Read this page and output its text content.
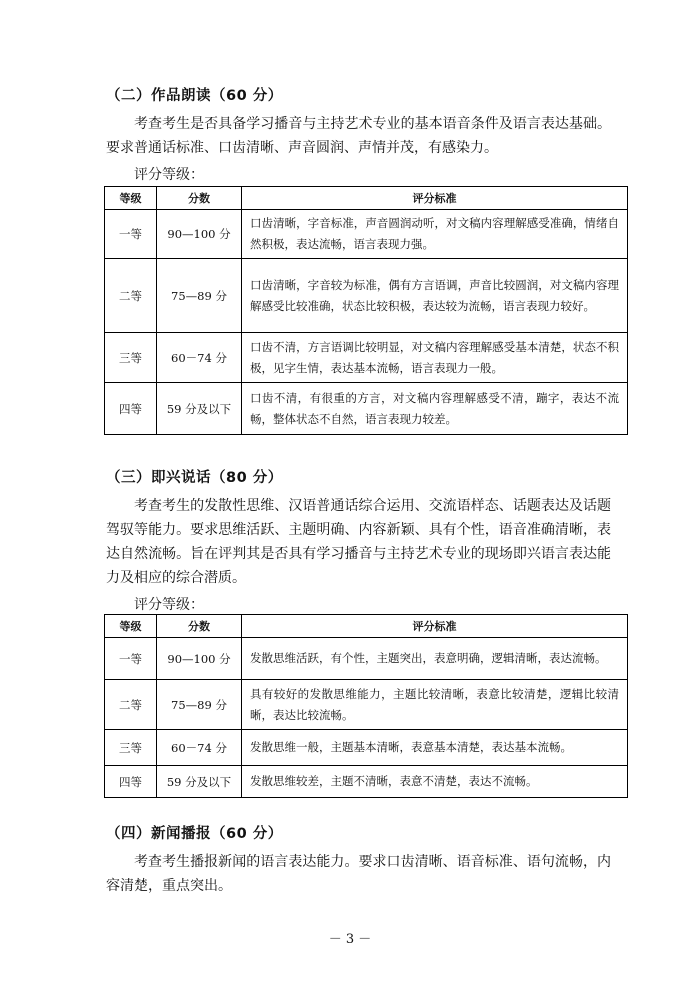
（二）作品朗读（60 分）
考查考生是否具备学习播音与主持艺术专业的基本语音条件及语言表达基础。要求普通话标准、口齿清晰、声音圆润、声情并茂，有感染力。
评分等级：
等级	分数	评分标准
一等	90—100 分	口齿清晰，字音标准，声音圆润动听，对文稿内容理解感受准确，情绪自然积极，表达流畅，语言表现力强。
二等	75—89 分	口齿清晰，字音较为标准，偶有方言语调，声音比较圆润，对文稿内容理解感受比较准确，状态比较积极，表达较为流畅，语言表现力较好。
三等	60－74 分	口齿不清，方言语调比较明显，对文稿内容理解感受基本清楚，状态不积极，见字生情，表达基本流畅，语言表现力一般。
四等	59 分及以下	口齿不清，有很重的方言，对文稿内容理解感受不清，蹦字，表达不流畅，整体状态不自然，语言表现力较差。
（三）即兴说话（80 分）
考查考生的发散性思维、汉语普通话综合运用、交流语样态、话题表达及话题驾驭等能力。要求思维活跃、主题明确、内容新颖、具有个性，语音准确清晰，表达自然流畅。旨在评判其是否具有学习播音与主持艺术专业的现场即兴语言表达能力及相应的综合潜质。
评分等级：
等级	分数	评分标准
一等	90—100 分	发散思维活跃，有个性，主题突出，表意明确，逻辑清晰，表达流畅。
二等	75—89 分	具有较好的发散思维能力，主题比较清晰，表意比较清楚，逻辑比较清晰，表达比较流畅。
三等	60－74 分	发散思维一般，主题基本清晰，表意基本清楚，表达基本流畅。
四等	59 分及以下	发散思维较差，主题不清晰，表意不清楚，表达不流畅。
（四）新闻播报（60 分）
考查考生播报新闻的语言表达能力。要求口齿清晰、语音标准、语句流畅，内容清楚，重点突出。
－ 3 －
